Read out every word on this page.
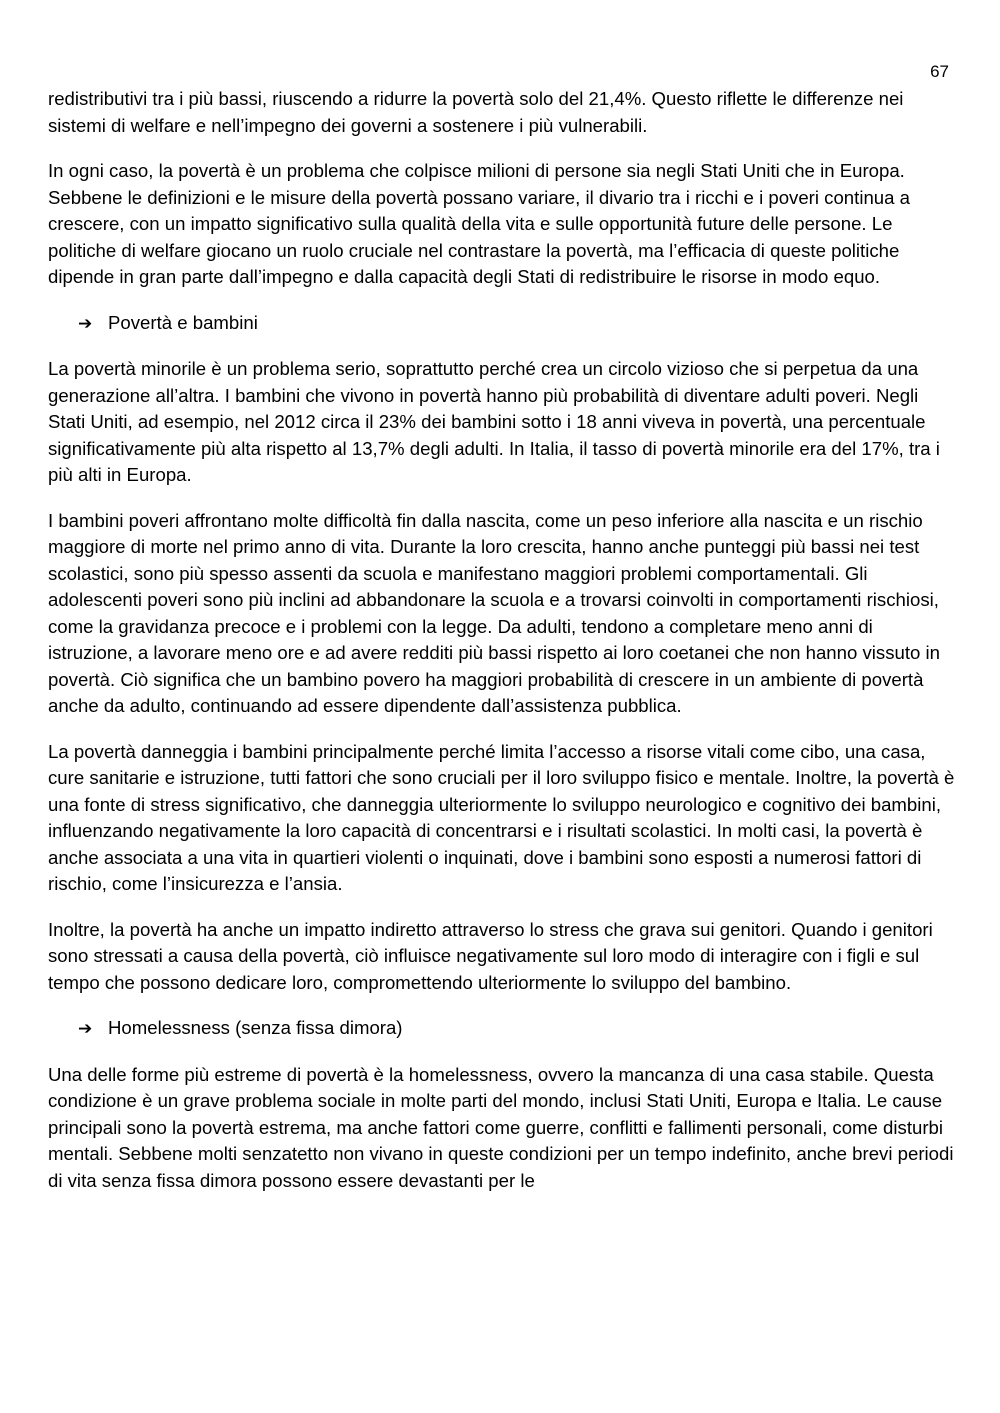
67

redistributivi tra i più bassi, riuscendo a ridurre la povertà solo del 21,4%. Questo riflette le differenze nei sistemi di welfare e nell’impegno dei governi a sostenere i più vulnerabili.

In ogni caso, la povertà è un problema che colpisce milioni di persone sia negli Stati Uniti che in Europa. Sebbene le definizioni e le misure della povertà possano variare, il divario tra i ricchi e i poveri continua a crescere, con un impatto significativo sulla qualità della vita e sulle opportunità future delle persone. Le politiche di welfare giocano un ruolo cruciale nel contrastare la povertà, ma l’efficacia di queste politiche dipende in gran parte dall’impegno e dalla capacità degli Stati di redistribuire le risorse in modo equo.

➔ Povertà e bambini

La povertà minorile è un problema serio, soprattutto perché crea un circolo vizioso che si perpetua da una generazione all’altra. I bambini che vivono in povertà hanno più probabilità di diventare adulti poveri. Negli Stati Uniti, ad esempio, nel 2012 circa il 23% dei bambini sotto i 18 anni viveva in povertà, una percentuale significativamente più alta rispetto al 13,7% degli adulti. In Italia, il tasso di povertà minorile era del 17%, tra i più alti in Europa.

I bambini poveri affrontano molte difficoltà fin dalla nascita, come un peso inferiore alla nascita e un rischio maggiore di morte nel primo anno di vita. Durante la loro crescita, hanno anche punteggi più bassi nei test scolastici, sono più spesso assenti da scuola e manifestano maggiori problemi comportamentali. Gli adolescenti poveri sono più inclini ad abbandonare la scuola e a trovarsi coinvolti in comportamenti rischiosi, come la gravidanza precoce e i problemi con la legge. Da adulti, tendono a completare meno anni di istruzione, a lavorare meno ore e ad avere redditi più bassi rispetto ai loro coetanei che non hanno vissuto in povertà. Ciò significa che un bambino povero ha maggiori probabilità di crescere in un ambiente di povertà anche da adulto, continuando ad essere dipendente dall’assistenza pubblica.

La povertà danneggia i bambini principalmente perché limita l’accesso a risorse vitali come cibo, una casa, cure sanitarie e istruzione, tutti fattori che sono cruciali per il loro sviluppo fisico e mentale. Inoltre, la povertà è una fonte di stress significativo, che danneggia ulteriormente lo sviluppo neurologico e cognitivo dei bambini, influenzando negativamente la loro capacità di concentrarsi e i risultati scolastici. In molti casi, la povertà è anche associata a una vita in quartieri violenti o inquinati, dove i bambini sono esposti a numerosi fattori di rischio, come l’insicurezza e l’ansia.

Inoltre, la povertà ha anche un impatto indiretto attraverso lo stress che grava sui genitori. Quando i genitori sono stressati a causa della povertà, ciò influisce negativamente sul loro modo di interagire con i figli e sul tempo che possono dedicare loro, compromettendo ulteriormente lo sviluppo del bambino.

➔ Homelessness (senza fissa dimora)

Una delle forme più estreme di povertà è la homelessness, ovvero la mancanza di una casa stabile. Questa condizione è un grave problema sociale in molte parti del mondo, inclusi Stati Uniti, Europa e Italia. Le cause principali sono la povertà estrema, ma anche fattori come guerre, conflitti e fallimenti personali, come disturbi mentali. Sebbene molti senzatetto non vivano in queste condizioni per un tempo indefinito, anche brevi periodi di vita senza fissa dimora possono essere devastanti per le
